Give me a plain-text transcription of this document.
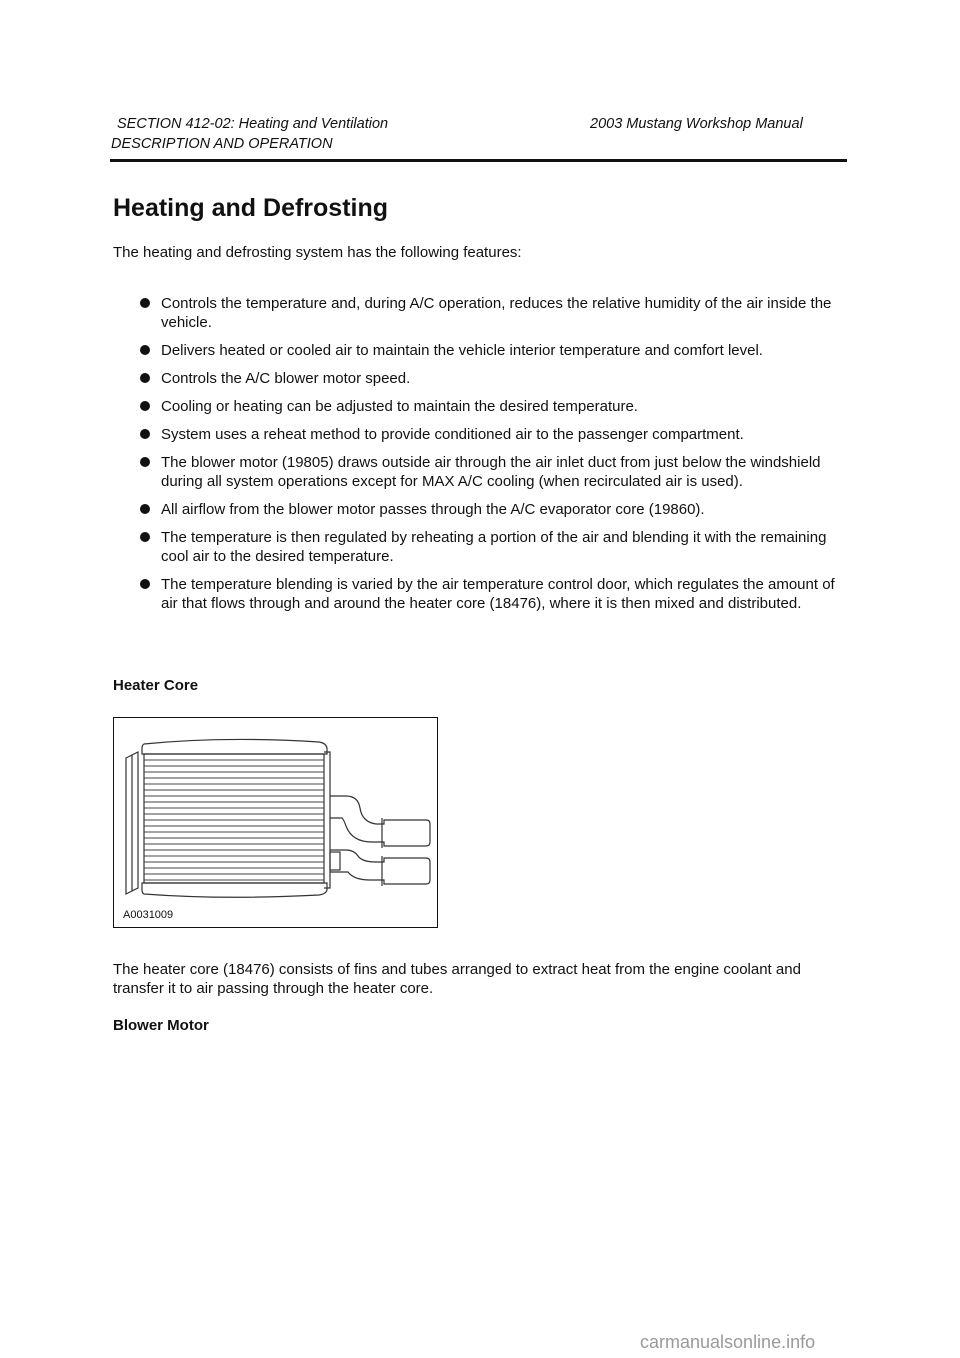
SECTION 412-02: Heating and Ventilation	2003 Mustang Workshop Manual
DESCRIPTION AND OPERATION
Heating and Defrosting
The heating and defrosting system has the following features:
Controls the temperature and, during A/C operation, reduces the relative humidity of the air inside the vehicle.
Delivers heated or cooled air to maintain the vehicle interior temperature and comfort level.
Controls the A/C blower motor speed.
Cooling or heating can be adjusted to maintain the desired temperature.
System uses a reheat method to provide conditioned air to the passenger compartment.
The blower motor (19805) draws outside air through the air inlet duct from just below the windshield during all system operations except for MAX A/C cooling (when recirculated air is used).
All airflow from the blower motor passes through the A/C evaporator core (19860).
The temperature is then regulated by reheating a portion of the air and blending it with the remaining cool air to the desired temperature.
The temperature blending is varied by the air temperature control door, which regulates the amount of air that flows through and around the heater core (18476), where it is then mixed and distributed.
Heater Core
A0031009
The heater core (18476) consists of fins and tubes arranged to extract heat from the engine coolant and transfer it to air passing through the heater core.
Blower Motor
carmanualsonline.info
